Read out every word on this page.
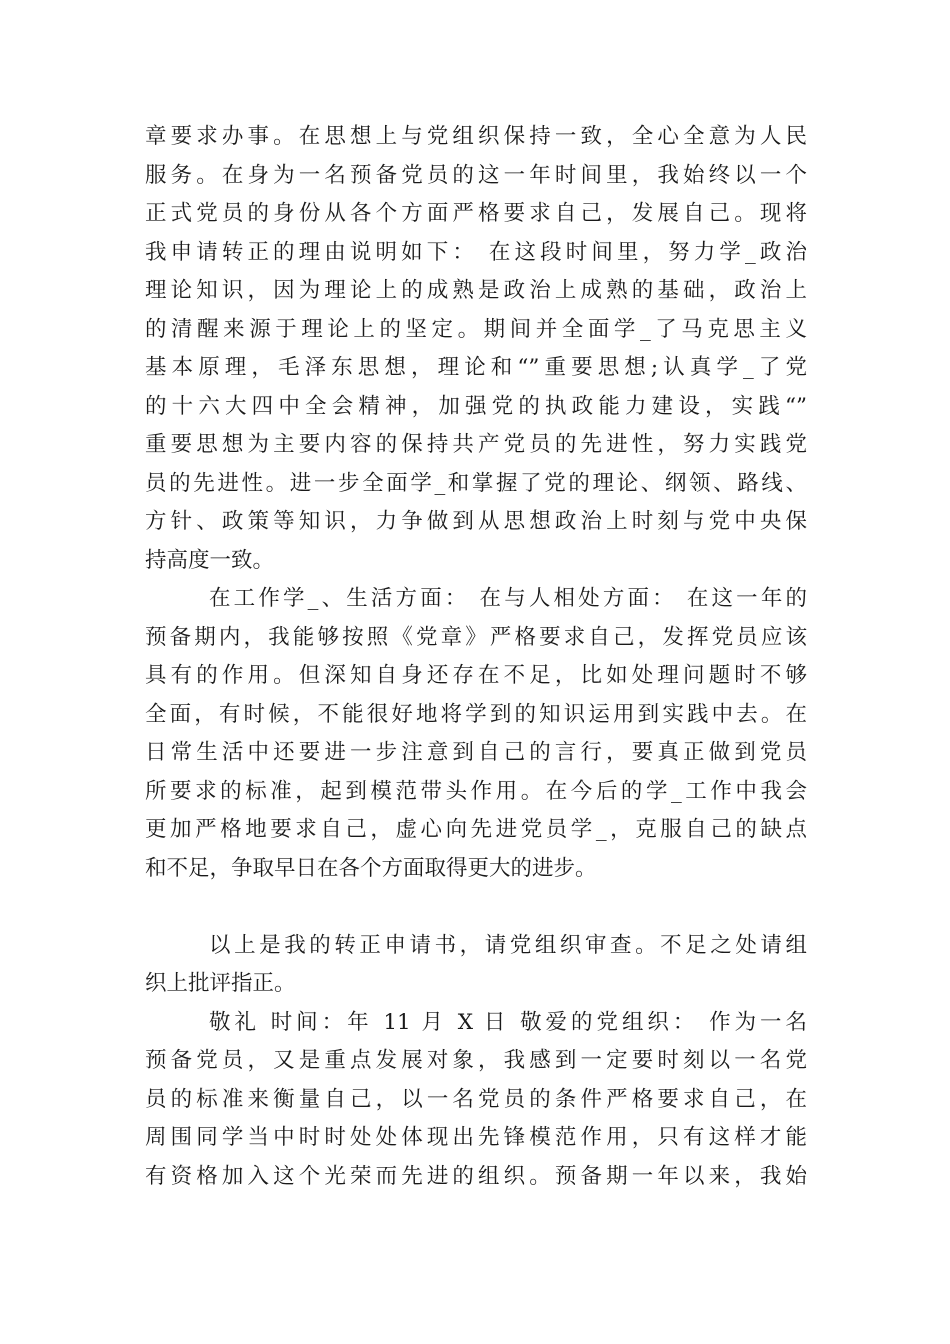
章要求办事。在思想上与党组织保持一致，全心全意为人民
服务。在身为一名预备党员的这一年时间里，我始终以一个
正式党员的身份从各个方面严格要求自己，发展自己。现将
我申请转正的理由说明如下： 在这段时间里，努力学_政治
理论知识，因为理论上的成熟是政治上成熟的基础，政治上
的清醒来源于理论上的坚定。期间并全面学_了马克思主义
基本原理，毛泽东思想，理论和“”重要思想;认真学_了党
的十六大四中全会精神，加强党的执政能力建设，实践“”
重要思想为主要内容的保持共产党员的先进性，努力实践党
员的先进性。进一步全面学_和掌握了党的理论、纲领、路线、
方针、政策等知识，力争做到从思想政治上时刻与党中央保
持高度一致。
在工作学_、生活方面： 在与人相处方面： 在这一年的
预备期内，我能够按照《党章》严格要求自己，发挥党员应该
具有的作用。但深知自身还存在不足，比如处理问题时不够
全面，有时候，不能很好地将学到的知识运用到实践中去。在
日常生活中还要进一步注意到自己的言行，要真正做到党员
所要求的标准，起到模范带头作用。在今后的学_工作中我会
更加严格地要求自己，虚心向先进党员学_，克服自己的缺点
和不足，争取早日在各个方面取得更大的进步。
以上是我的转正申请书，请党组织审查。不足之处请组
织上批评指正。
敬礼 时间：年 11 月 X 日 敬爱的党组织： 作为一名
预备党员，又是重点发展对象，我感到一定要时刻以一名党
员的标准来衡量自己，以一名党员的条件严格要求自己，在
周围同学当中时时处处体现出先锋模范作用，只有这样才能
有资格加入这个光荣而先进的组织。预备期一年以来，我始
